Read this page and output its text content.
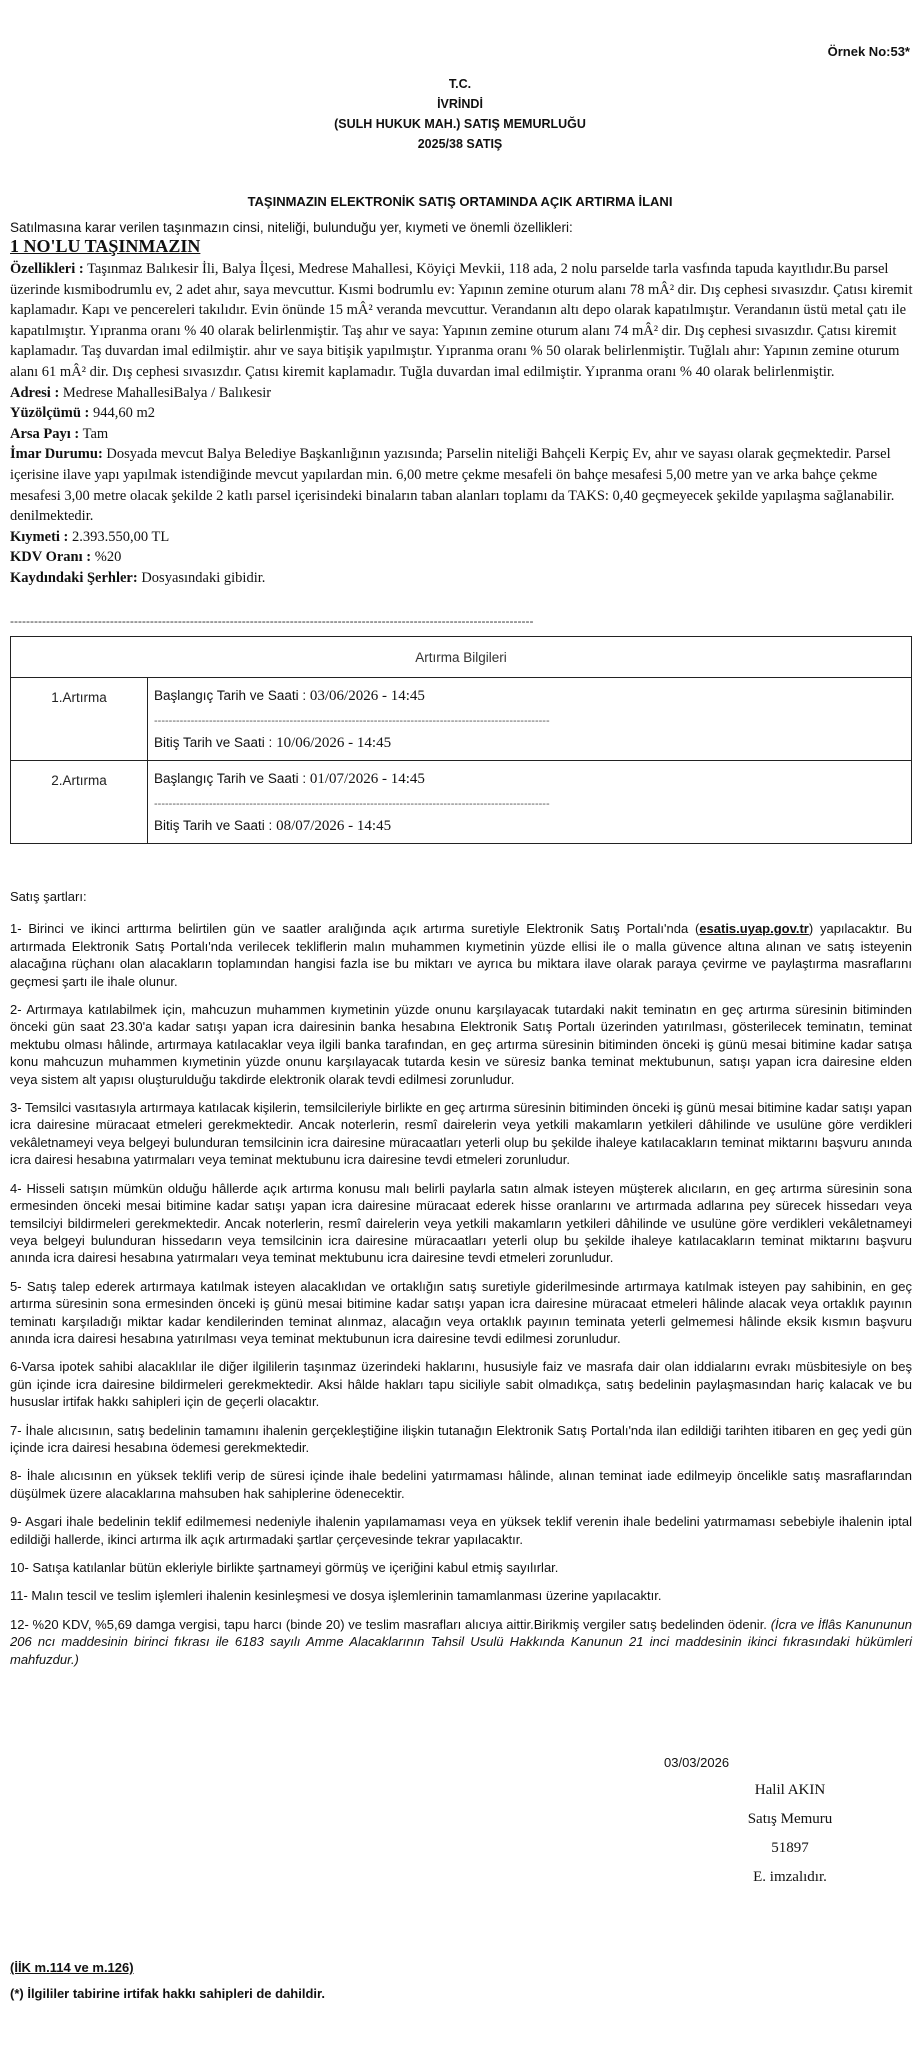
Örnek No:53*
T.C.
İVRİNDİ
(SULH HUKUK MAH.) SATIŞ MEMURLUĞU
2025/38 SATIŞ
TAŞINMAZIN ELEKTRONİK SATIŞ ORTAMINDA AÇIK ARTIRMA İLANI
Satılmasına karar verilen taşınmazın cinsi, niteliği, bulunduğu yer, kıymeti ve önemli özellikleri:
1 NO'LU TAŞINMAZIN

Özellikleri : Taşınmaz Balıkesir İli, Balya İlçesi, Medrese Mahallesi, Köyiçi Mevkii, 118 ada, 2 nolu parselde tarla vasfında tapuda kayıtlıdır.Bu parsel üzerinde kısmibodrumlu ev, 2 adet ahır, saya mevcuttur. Kısmi bodrumlu ev: Yapının zemine oturum alanı 78 mÂ² dir. Dış cephesi sıvasızdır. Çatısı kiremit kaplamadır. Kapı ve pencereleri takılıdır. Evin önünde 15 mÂ² veranda mevcuttur. Verandanın altı depo olarak kapatılmıştır. Verandanın üstü metal çatı ile kapatılmıştır. Yıpranma oranı % 40 olarak belirlenmiştir. Taş ahır ve saya: Yapının zemine oturum alanı 74 mÂ² dir. Dış cephesi sıvasızdır. Çatısı kiremit kaplamadır. Taş duvardan imal edilmiştir. ahır ve saya bitişik yapılmıştır. Yıpranma oranı % 50 olarak belirlenmiştir. Tuğlalı ahır: Yapının zemine oturum alanı 61 mÂ² dir. Dış cephesi sıvasızdır. Çatısı kiremit kaplamadır. Tuğla duvardan imal edilmiştir. Yıpranma oranı % 40 olarak belirlenmiştir.

Adresi : Medrese MahallesiBalya / Balıkesir

Yüzölçümü : 944,60 m2

Arsa Payı : Tam

İmar Durumu: Dosyada mevcut Balya Belediye Başkanlığının yazısında; Parselin niteliği Bahçeli Kerpiç Ev, ahır ve sayası olarak geçmektedir. Parsel içerisine ilave yapı yapılmak istendiğinde mevcut yapılardan min. 6,00 metre çekme mesafeli ön bahçe mesafesi 5,00 metre yan ve arka bahçe çekme mesafesi 3,00 metre olacak şekilde 2 katlı parsel içerisindeki binaların taban alanları toplamı da TAKS: 0,40 geçmeyecek şekilde yapılaşma sağlanabilir. denilmektedir.

Kıymeti : 2.393.550,00 TL

KDV Oranı : %20

Kaydındaki Şerhler: Dosyasındaki gibidir.

-----------------------------------------------------------------------------------------------------------------------------------
Artırma Bilgileri	
1.Artırma	Başlangıç Tarih ve Saati : 03/06/2026 - 14:45
------------------------------------------------------------------------------------------------------------
Bitiş Tarih ve Saati : 10/06/2026 - 14:45

2.Artırma	Başlangıç Tarih ve Saati : 01/07/2026 - 14:45
------------------------------------------------------------------------------------------------------------
Bitiş Tarih ve Saati : 08/07/2026 - 14:45

Satış şartları:

1- Birinci ve ikinci arttırma belirtilen gün ve saatler aralığında açık artırma suretiyle Elektronik Satış Portalı'nda (esatis.uyap.gov.tr) yapılacaktır. Bu artırmada Elektronik Satış Portalı'nda verilecek tekliflerin malın muhammen kıymetinin yüzde ellisi ile o malla güvence altına alınan ve satış isteyenin alacağına rüçhanı olan alacakların toplamından hangisi fazla ise bu miktarı ve ayrıca bu miktara ilave olarak paraya çevirme ve paylaştırma masraflarını geçmesi şartı ile ihale olunur.

2- Artırmaya katılabilmek için, mahcuzun muhammen kıymetinin yüzde onunu karşılayacak tutardaki nakit teminatın en geç artırma süresinin bitiminden önceki gün saat 23.30'a kadar satışı yapan icra dairesinin banka hesabına Elektronik Satış Portalı üzerinden yatırılması, gösterilecek teminatın, teminat mektubu olması hâlinde, artırmaya katılacaklar veya ilgili banka tarafından, en geç artırma süresinin bitiminden önceki iş günü mesai bitimine kadar satışa konu mahcuzun muhammen kıymetinin yüzde onunu karşılayacak tutarda kesin ve süresiz banka teminat mektubunun, satışı yapan icra dairesine elden veya sistem alt yapısı oluşturulduğu takdirde elektronik olarak tevdi edilmesi zorunludur.

3- Temsilci vasıtasıyla artırmaya katılacak kişilerin, temsilcileriyle birlikte en geç artırma süresinin bitiminden önceki iş günü mesai bitimine kadar satışı yapan icra dairesine müracaat etmeleri gerekmektedir. Ancak noterlerin, resmî dairelerin veya yetkili makamların yetkileri dâhilinde ve usulüne göre verdikleri vekâletnameyi veya belgeyi bulunduran temsilcinin icra dairesine müracaatları yeterli olup bu şekilde ihaleye katılacakların teminat miktarını başvuru anında icra dairesi hesabına yatırmaları veya teminat mektubunu icra dairesine tevdi etmeleri zorunludur.

4- Hisseli satışın mümkün olduğu hâllerde açık artırma konusu malı belirli paylarla satın almak isteyen müşterek alıcıların, en geç artırma süresinin sona ermesinden önceki mesai bitimine kadar satışı yapan icra dairesine müracaat ederek hisse oranlarını ve artırmada adlarına pey sürecek hissedarı veya temsilciyi bildirmeleri gerekmektedir. Ancak noterlerin, resmî dairelerin veya yetkili makamların yetkileri dâhilinde ve usulüne göre verdikleri vekâletnameyi veya belgeyi bulunduran hissedarın veya temsilcinin icra dairesine müracaatları yeterli olup bu şekilde ihaleye katılacakların teminat miktarını başvuru anında icra dairesi hesabına yatırmaları veya teminat mektubunu icra dairesine tevdi etmeleri zorunludur.

5- Satış talep ederek artırmaya katılmak isteyen alacaklıdan ve ortaklığın satış suretiyle giderilmesinde artırmaya katılmak isteyen pay sahibinin, en geç artırma süresinin sona ermesinden önceki iş günü mesai bitimine kadar satışı yapan icra dairesine müracaat etmeleri hâlinde alacak veya ortaklık payının teminatı karşıladığı miktar kadar kendilerinden teminat alınmaz, alacağın veya ortaklık payının teminata yeterli gelmemesi hâlinde eksik kısmın başvuru anında icra dairesi hesabına yatırılması veya teminat mektubunun icra dairesine tevdi edilmesi zorunludur.

6-Varsa ipotek sahibi alacaklılar ile diğer ilgililerin taşınmaz üzerindeki haklarını, hususiyle faiz ve masrafa dair olan iddialarını evrakı müsbitesiyle on beş gün içinde icra dairesine bildirmeleri gerekmektedir. Aksi hâlde hakları tapu siciliyle sabit olmadıkça, satış bedelinin paylaşmasından hariç kalacak ve bu hususlar irtifak hakkı sahipleri için de geçerli olacaktır.

7- İhale alıcısının, satış bedelinin tamamını ihalenin gerçekleştiğine ilişkin tutanağın Elektronik Satış Portalı'nda ilan edildiği tarihten itibaren en geç yedi gün içinde icra dairesi hesabına ödemesi gerekmektedir.

8- İhale alıcısının en yüksek teklifi verip de süresi içinde ihale bedelini yatırmaması hâlinde, alınan teminat iade edilmeyip öncelikle satış masraflarından düşülmek üzere alacaklarına mahsuben hak sahiplerine ödenecektir.

9- Asgari ihale bedelinin teklif edilmemesi nedeniyle ihalenin yapılamaması veya en yüksek teklif verenin ihale bedelini yatırmaması sebebiyle ihalenin iptal edildiği hallerde, ikinci artırma ilk açık artırmadaki şartlar çerçevesinde tekrar yapılacaktır.

10- Satışa katılanlar bütün ekleriyle birlikte şartnameyi görmüş ve içeriğini kabul etmiş sayılırlar.

11- Malın tescil ve teslim işlemleri ihalenin kesinleşmesi ve dosya işlemlerinin tamamlanması üzerine yapılacaktır.

12- %20 KDV, %5,69 damga vergisi, tapu harcı (binde 20) ve teslim masrafları alıcıya aittir.Birikmiş vergiler satış bedelinden ödenir. (İcra ve İflâs Kanununun 206 ncı maddesinin birinci fıkrası ile 6183 sayılı Amme Alacaklarının Tahsil Usulü Hakkında Kanunun 21 inci maddesinin ikinci fıkrasındaki hükümleri mahfuzdur.)

03/03/2026
Halil AKIN
Satış Memuru
51897
E. imzalıdır.
(İİK m.114 ve m.126)
(*) İlgililer tabirine irtifak hakkı sahipleri de dahildir.
